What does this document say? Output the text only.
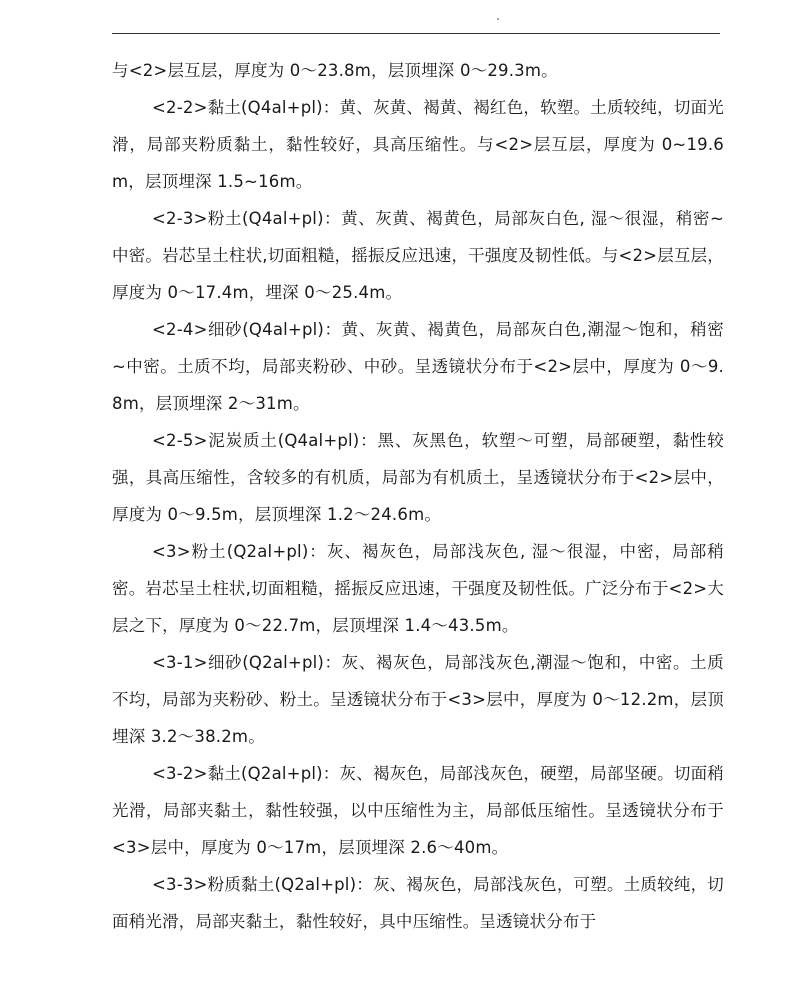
与<2>层互层，厚度为 0～23.8m，层顶埋深 0～29.3m。

<2-2>黏土(Q4al+pl)：黄、灰黄、褐黄、褐红色，软塑。土质较纯，切面光滑，局部夹粉质黏土，黏性较好，具高压缩性。与<2>层互层，厚度为 0~19.6m，层顶埋深 1.5~16m。

<2-3>粉土(Q4al+pl)：黄、灰黄、褐黄色，局部灰白色, 湿～很湿，稍密~中密。岩芯呈土柱状,切面粗糙，摇振反应迅速，干强度及韧性低。与<2>层互层，厚度为 0～17.4m，埋深 0～25.4m。

<2-4>细砂(Q4al+pl)：黄、灰黄、褐黄色，局部灰白色,潮湿～饱和，稍密~中密。土质不均，局部夹粉砂、中砂。呈透镜状分布于<2>层中，厚度为 0～9.8m，层顶埋深 2～31m。

<2-5>泥炭质土(Q4al+pl)：黑、灰黑色，软塑～可塑，局部硬塑，黏性较强，具高压缩性，含较多的有机质，局部为有机质土，呈透镜状分布于<2>层中，厚度为 0～9.5m，层顶埋深 1.2～24.6m。

<3>粉土(Q2al+pl)：灰、褐灰色，局部浅灰色, 湿～很湿，中密，局部稍密。岩芯呈土柱状,切面粗糙，摇振反应迅速，干强度及韧性低。广泛分布于<2>大层之下，厚度为 0～22.7m，层顶埋深 1.4～43.5m。

<3-1>细砂(Q2al+pl)：灰、褐灰色，局部浅灰色,潮湿～饱和，中密。土质不均，局部为夹粉砂、粉土。呈透镜状分布于<3>层中，厚度为 0～12.2m，层顶埋深 3.2～38.2m。

<3-2>黏土(Q2al+pl)：灰、褐灰色，局部浅灰色，硬塑，局部坚硬。切面稍光滑，局部夹黏土，黏性较强，以中压缩性为主，局部低压缩性。呈透镜状分布于<3>层中，厚度为 0～17m，层顶埋深 2.6～40m。

<3-3>粉质黏土(Q2al+pl)：灰、褐灰色，局部浅灰色，可塑。土质较纯，切面稍光滑，局部夹黏土，黏性较好，具中压缩性。呈透镜状分布于
